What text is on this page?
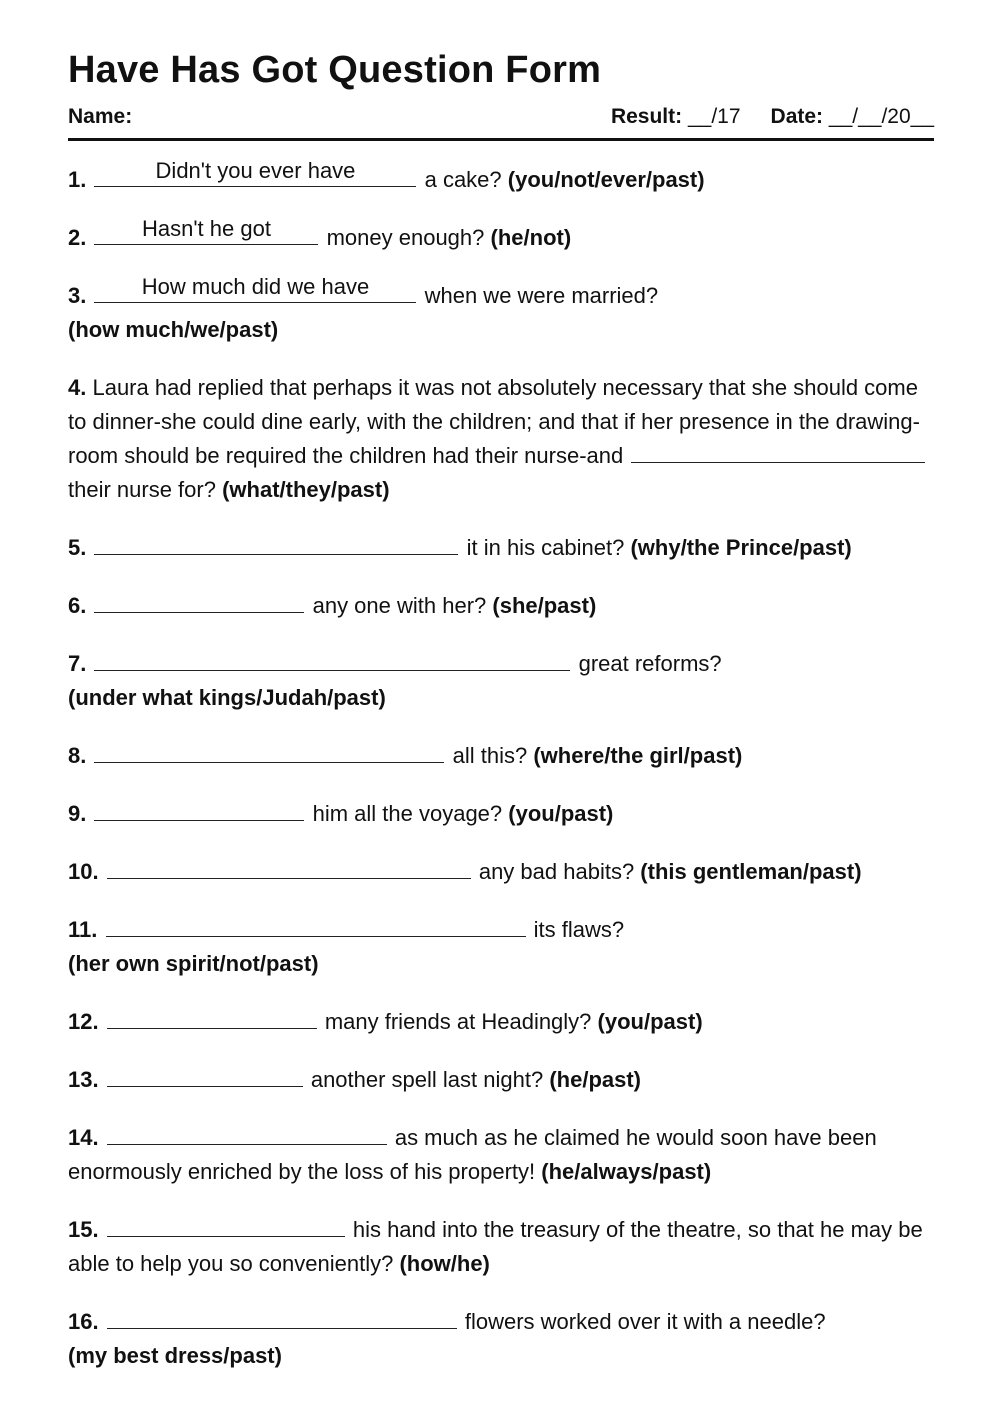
Have Has Got Question Form
Name:	Result: __/17 Date: __/__/20__
1.	Didn't you ever have	a cake? (you/not/ever/past)
2.	Hasn't he got	money enough? (he/not)
3.	How much did we have	when we were married?
(how much/we/past)
4. Laura had replied that perhaps it was not absolutely necessary that she should come to dinner-she could dine early, with the children; and that if her presence in the drawing-room should be required the children had their nurse-and
their nurse for? (what/they/past)
5.	it in his cabinet? (why/the Prince/past)
6.	any one with her? (she/past)
7.	great reforms?
(under what kings/Judah/past)
8.	all this? (where/the girl/past)
9.	him all the voyage? (you/past)
10.	any bad habits? (this gentleman/past)
11.	its flaws?
(her own spirit/not/past)
12.	many friends at Headingly? (you/past)
13.	another spell last night? (he/past)
14.	as much as he claimed he would soon have been enormously enriched by the loss of his property! (he/always/past)
15.	his hand into the treasury of the theatre, so that he may be able to help you so conveniently? (how/he)
16.	flowers worked over it with a needle?
(my best dress/past)
